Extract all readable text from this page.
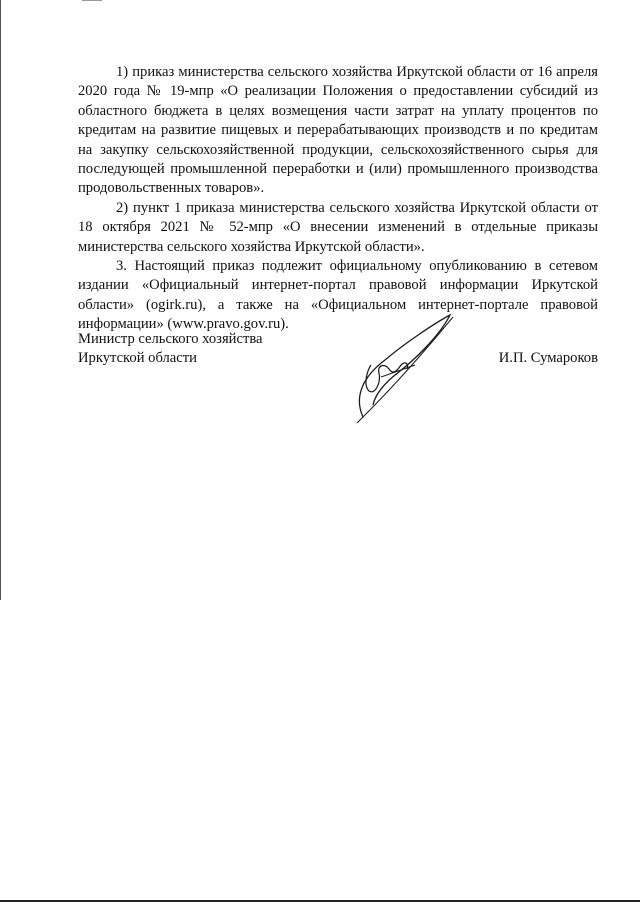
1) приказ министерства сельского хозяйства Иркутской области от 16 апреля 2020 года № 19-мпр «О реализации Положения о предоставлении субсидий из областного бюджета в целях возмещения части затрат на уплату процентов по кредитам на развитие пищевых и перерабатывающих производств и по кредитам на закупку сельскохозяйственной продукции, сельскохозяйственного сырья для последующей промышленной переработки и (или) промышленного производства продовольственных товаров».

2) пункт 1 приказа министерства сельского хозяйства Иркутской области от 18 октября 2021 № 52-мпр «О внесении изменений в отдельные приказы министерства сельского хозяйства Иркутской области».

3. Настоящий приказ подлежит официальному опубликованию в сетевом издании «Официальный интернет-портал правовой информации Иркутской области» (ogirk.ru), а также на «Официальном интернет-портале правовой информации» (www.pravo.gov.ru).

Министр сельского хозяйства
Иркутской области	И.П. Сумароков
